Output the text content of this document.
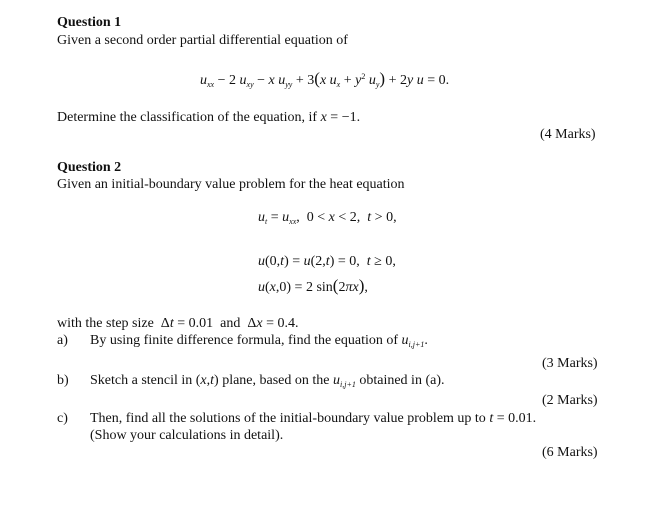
Question 1
Given a second order partial differential equation of
$u_{xx} - 2$ $u_{xy} - x$ $u_{yy} + 3(x$ $u_x + y^2$ $u_y) + 2y$ u = 0.
Determine the classification of the equation, if x = −1.
(4 Marks)
Question 2
Given an initial-boundary value problem for the heat equation
$u_t = u_{xx}$,  0 < x < 2,  t > 0,
u(0,t) = u(2,t) = 0,  t ≥ 0,
u(x,0) = 2 sin(2πx),
with the step size  Δt = 0.01  and  Δx = 0.4.
a) By using finite difference formula, find the equation of $u_{i,j+1}$.
(3 Marks)
b) Sketch a stencil in (x,t) plane, based on the $u_{i,j+1}$ obtained in (a).
(2 Marks)
c) Then, find all the solutions of the initial-boundary value problem up to t = 0.01.
(Show your calculations in detail).
(6 Marks)
